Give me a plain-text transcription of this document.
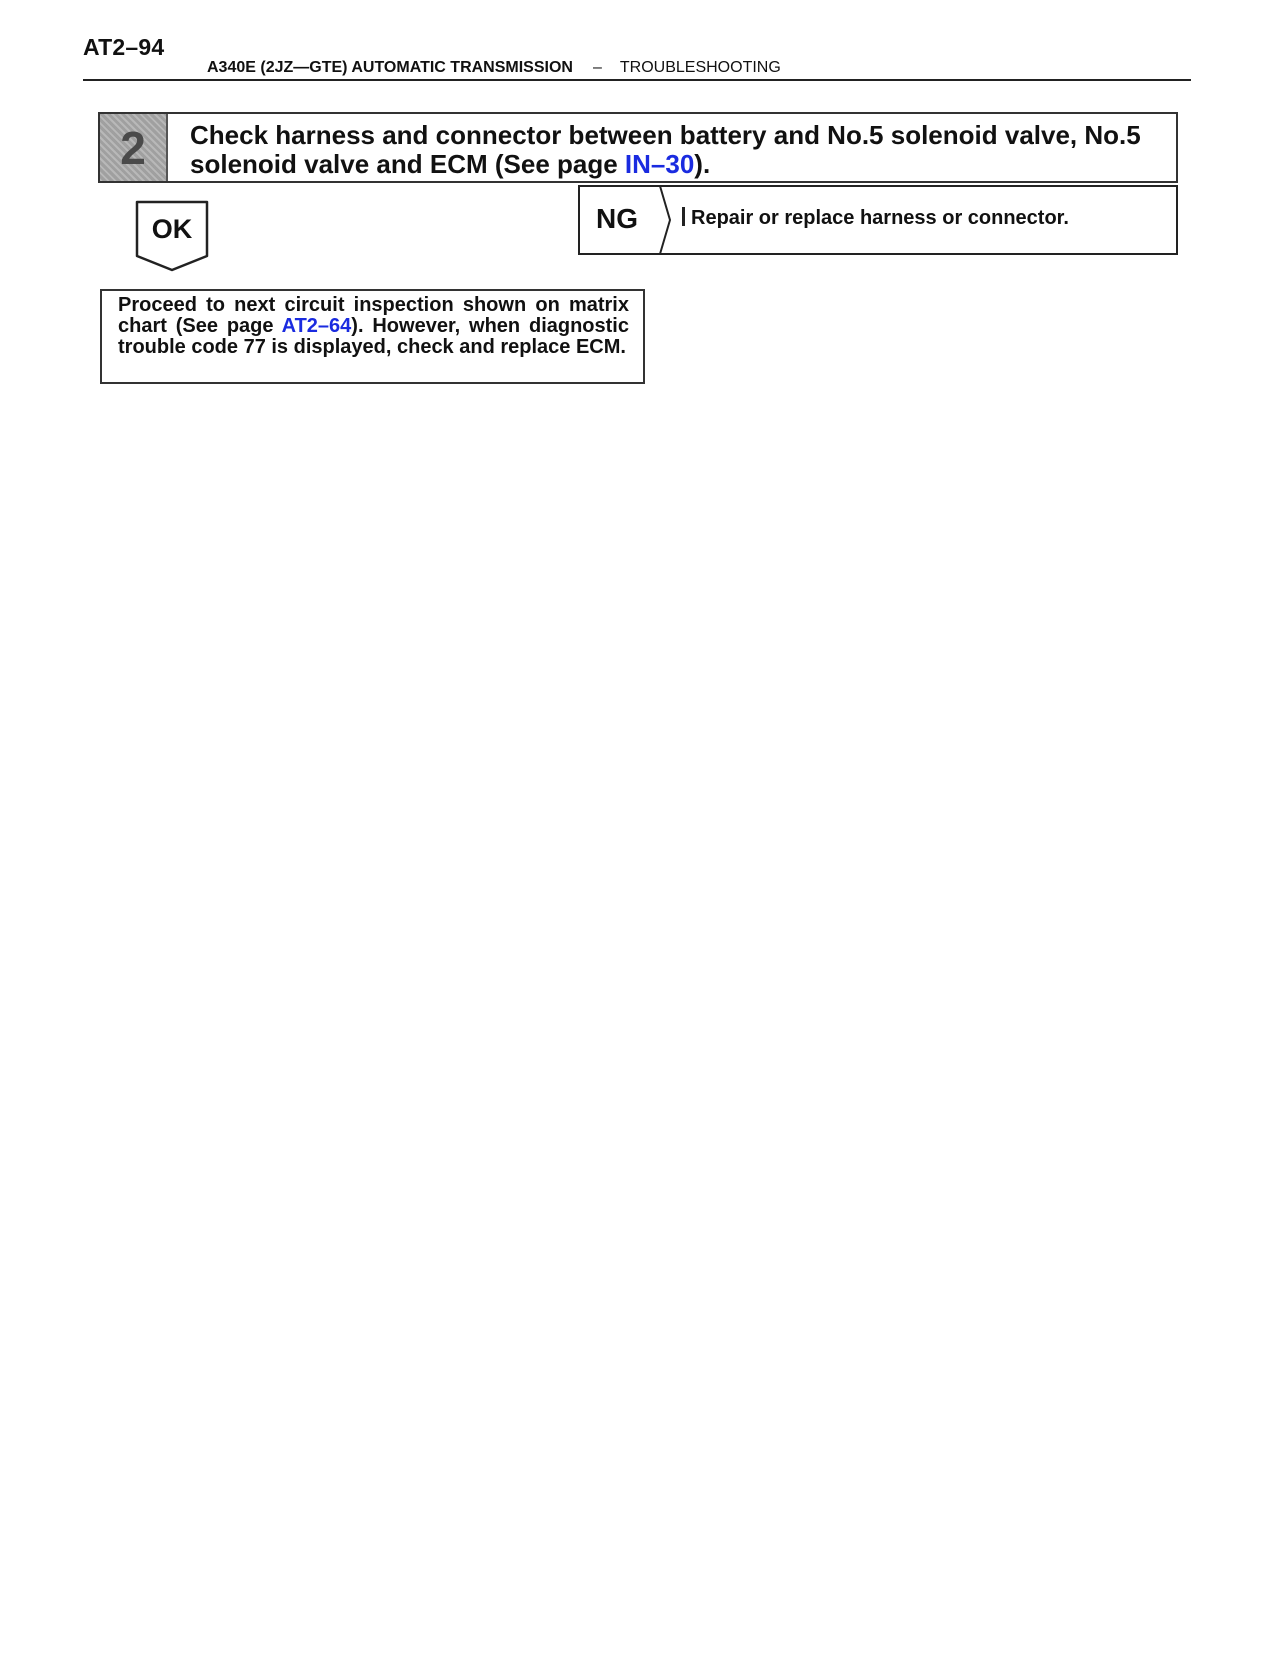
AT2–94
A340E (2JZ—GTE) AUTOMATIC TRANSMISSION – TROUBLESHOOTING
2	Check harness and connector between battery and No.5 solenoid valve, No.5 solenoid valve and ECM (See page IN–30).
OK	NG	Repair or replace harness or connector.
Proceed to next circuit inspection shown on matrix chart (See page AT2–64). However, when diagnostic trouble code 77 is displayed, check and replace ECM.
